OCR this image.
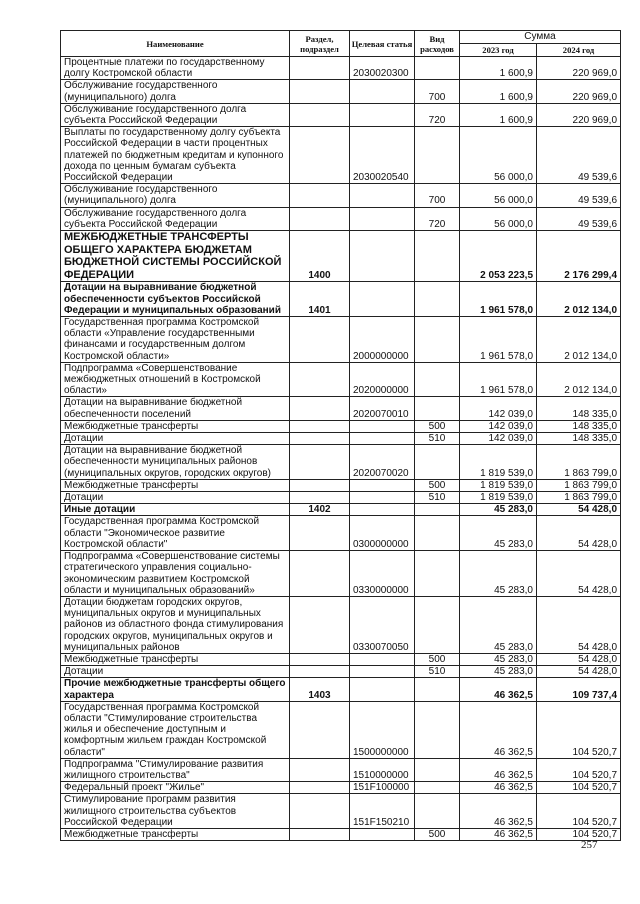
Наименование	Раздел, подраздел	Целевая статья	Вид расходов	Сумма	
				2023 год	2024 год
Процентные платежи по государственному долгу Костромской области		2030020300		1 600,9	220 969,0
Обслуживание государственного (муниципального) долга			700	1 600,9	220 969,0
Обслуживание государственного долга субъекта Российской Федерации			720	1 600,9	220 969,0
Выплаты по государственному долгу субъекта Российской Федерации в части процентных платежей по бюджетным кредитам и купонного дохода по ценным бумагам субъекта Российской Федерации		2030020540		56 000,0	49 539,6
Обслуживание государственного (муниципального) долга			700	56 000,0	49 539,6
Обслуживание государственного долга субъекта Российской Федерации			720	56 000,0	49 539,6
МЕЖБЮДЖЕТНЫЕ ТРАНСФЕРТЫ ОБЩЕГО ХАРАКТЕРА БЮДЖЕТАМ БЮДЖЕТНОЙ СИСТЕМЫ РОССИЙСКОЙ ФЕДЕРАЦИИ	1400			2 053 223,5	2 176 299,4
Дотации на выравнивание бюджетной обеспеченности субъектов Российской Федерации и муниципальных образований	1401			1 961 578,0	2 012 134,0
Государственная программа Костромской области «Управление государственными финансами и государственным долгом Костромской области»		2000000000		1 961 578,0	2 012 134,0
Подпрограмма «Совершенствование межбюджетных отношений в Костромской области»		2020000000		1 961 578,0	2 012 134,0
Дотации на выравнивание бюджетной обеспеченности поселений		2020070010		142 039,0	148 335,0
Межбюджетные трансферты			500	142 039,0	148 335,0
Дотации			510	142 039,0	148 335,0
Дотации на выравнивание бюджетной обеспеченности муниципальных районов (муниципальных округов, городских округов)		2020070020		1 819 539,0	1 863 799,0
Межбюджетные трансферты			500	1 819 539,0	1 863 799,0
Дотации			510	1 819 539,0	1 863 799,0
Иные дотации	1402			45 283,0	54 428,0
Государственная программа Костромской области "Экономическое развитие Костромской области"		0300000000		45 283,0	54 428,0
Подпрограмма «Совершенствование системы стратегического управления социально-экономическим развитием Костромской области и муниципальных образований»		0330000000		45 283,0	54 428,0
Дотации бюджетам городских округов, муниципальных округов и муниципальных районов из областного фонда стимулирования городских округов, муниципальных округов и муниципальных районов		0330070050		45 283,0	54 428,0
Межбюджетные трансферты			500	45 283,0	54 428,0
Дотации			510	45 283,0	54 428,0
Прочие межбюджетные трансферты общего характера	1403			46 362,5	109 737,4
Государственная программа Костромской области "Стимулирование строительства жилья и обеспечение доступным и комфортным жильем граждан Костромской области"		1500000000		46 362,5	104 520,7
Подпрограмма "Стимулирование развития жилищного строительства"		1510000000		46 362,5	104 520,7
Федеральный проект "Жилье"		151F100000		46 362,5	104 520,7
Стимулирование программ развития жилищного строительства субъектов Российской Федерации		151F150210		46 362,5	104 520,7
Межбюджетные трансферты			500	46 362,5	104 520,7
257
